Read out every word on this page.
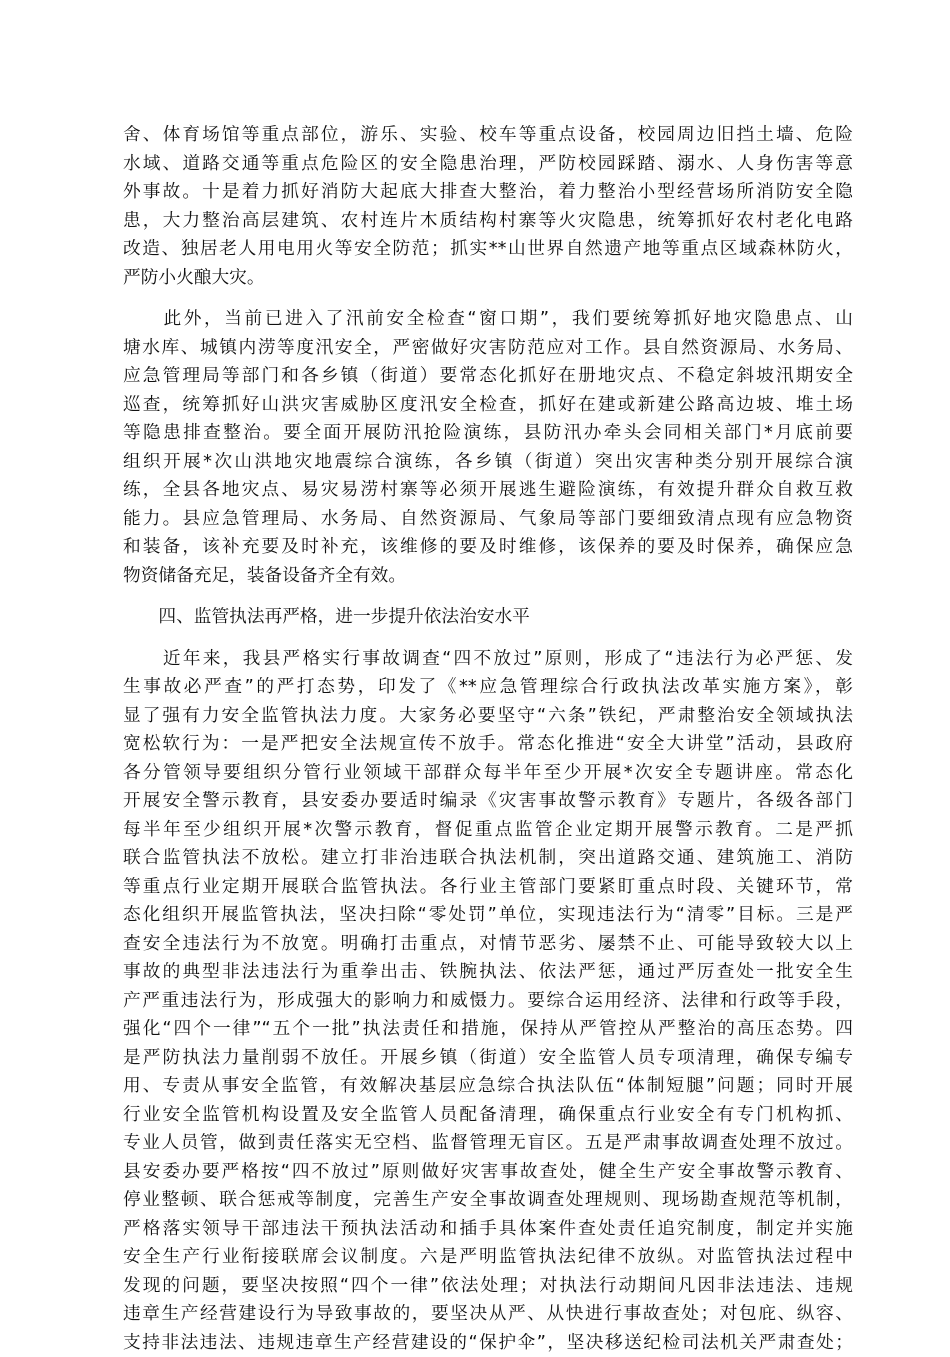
舍、体育场馆等重点部位，游乐、实验、校车等重点设备，校园周边旧挡土墙、危险
水域、道路交通等重点危险区的安全隐患治理，严防校园踩踏、溺水、人身伤害等意
外事故。十是着力抓好消防大起底大排查大整治，着力整治小型经营场所消防安全隐
患，大力整治高层建筑、农村连片木质结构村寨等火灾隐患，统筹抓好农村老化电路
改造、独居老人用电用火等安全防范；抓实**山世界自然遗产地等重点区域森林防火，
严防小火酿大灾。
　　此外，当前已进入了汛前安全检查“窗口期”，我们要统筹抓好地灾隐患点、山
塘水库、城镇内涝等度汛安全，严密做好灾害防范应对工作。县自然资源局、水务局、
应急管理局等部门和各乡镇（街道）要常态化抓好在册地灾点、不稳定斜坡汛期安全
巡查，统筹抓好山洪灾害威胁区度汛安全检查，抓好在建或新建公路高边坡、堆土场
等隐患排查整治。要全面开展防汛抢险演练，县防汛办牵头会同相关部门*月底前要
组织开展*次山洪地灾地震综合演练，各乡镇（街道）突出灾害种类分别开展综合演
练，全县各地灾点、易灾易涝村寨等必须开展逃生避险演练，有效提升群众自救互救
能力。县应急管理局、水务局、自然资源局、气象局等部门要细致清点现有应急物资
和装备，该补充要及时补充，该维修的要及时维修，该保养的要及时保养，确保应急
物资储备充足，装备设备齐全有效。
　　四、监管执法再严格，进一步提升依法治安水平
　　近年来，我县严格实行事故调查“四不放过”原则，形成了“违法行为必严惩、发
生事故必严查”的严打态势，印发了《**应急管理综合行政执法改革实施方案》，彰
显了强有力安全监管执法力度。大家务必要坚守“六条”铁纪，严肃整治安全领域执法
宽松软行为：一是严把安全法规宣传不放手。常态化推进“安全大讲堂”活动，县政府
各分管领导要组织分管行业领域干部群众每半年至少开展*次安全专题讲座。常态化
开展安全警示教育，县安委办要适时编录《灾害事故警示教育》专题片，各级各部门
每半年至少组织开展*次警示教育，督促重点监管企业定期开展警示教育。二是严抓
联合监管执法不放松。建立打非治违联合执法机制，突出道路交通、建筑施工、消防
等重点行业定期开展联合监管执法。各行业主管部门要紧盯重点时段、关键环节，常
态化组织开展监管执法，坚决扫除“零处罚”单位，实现违法行为“清零”目标。三是严
查安全违法行为不放宽。明确打击重点，对情节恶劣、屡禁不止、可能导致较大以上
事故的典型非法违法行为重拳出击、铁腕执法、依法严惩，通过严厉查处一批安全生
产严重违法行为，形成强大的影响力和威慑力。要综合运用经济、法律和行政等手段，
强化“四个一律”“五个一批”执法责任和措施，保持从严管控从严整治的高压态势。四
是严防执法力量削弱不放任。开展乡镇（街道）安全监管人员专项清理，确保专编专
用、专责从事安全监管，有效解决基层应急综合执法队伍“体制短腿”问题；同时开展
行业安全监管机构设置及安全监管人员配备清理，确保重点行业安全有专门机构抓、
专业人员管，做到责任落实无空档、监督管理无盲区。五是严肃事故调查处理不放过。
县安委办要严格按“四不放过”原则做好灾害事故查处，健全生产安全事故警示教育、
停业整顿、联合惩戒等制度，完善生产安全事故调查处理规则、现场勘查规范等机制，
严格落实领导干部违法干预执法活动和插手具体案件查处责任追究制度，制定并实施
安全生产行业衔接联席会议制度。六是严明监管执法纪律不放纵。对监管执法过程中
发现的问题，要坚决按照“四个一律”依法处理；对执法行动期间凡因非法违法、违规
违章生产经营建设行为导致事故的，要坚决从严、从快进行事故查处；对包庇、纵容、
支持非法违法、违规违章生产经营建设的“保护伞”，坚决移送纪检司法机关严肃查处；
